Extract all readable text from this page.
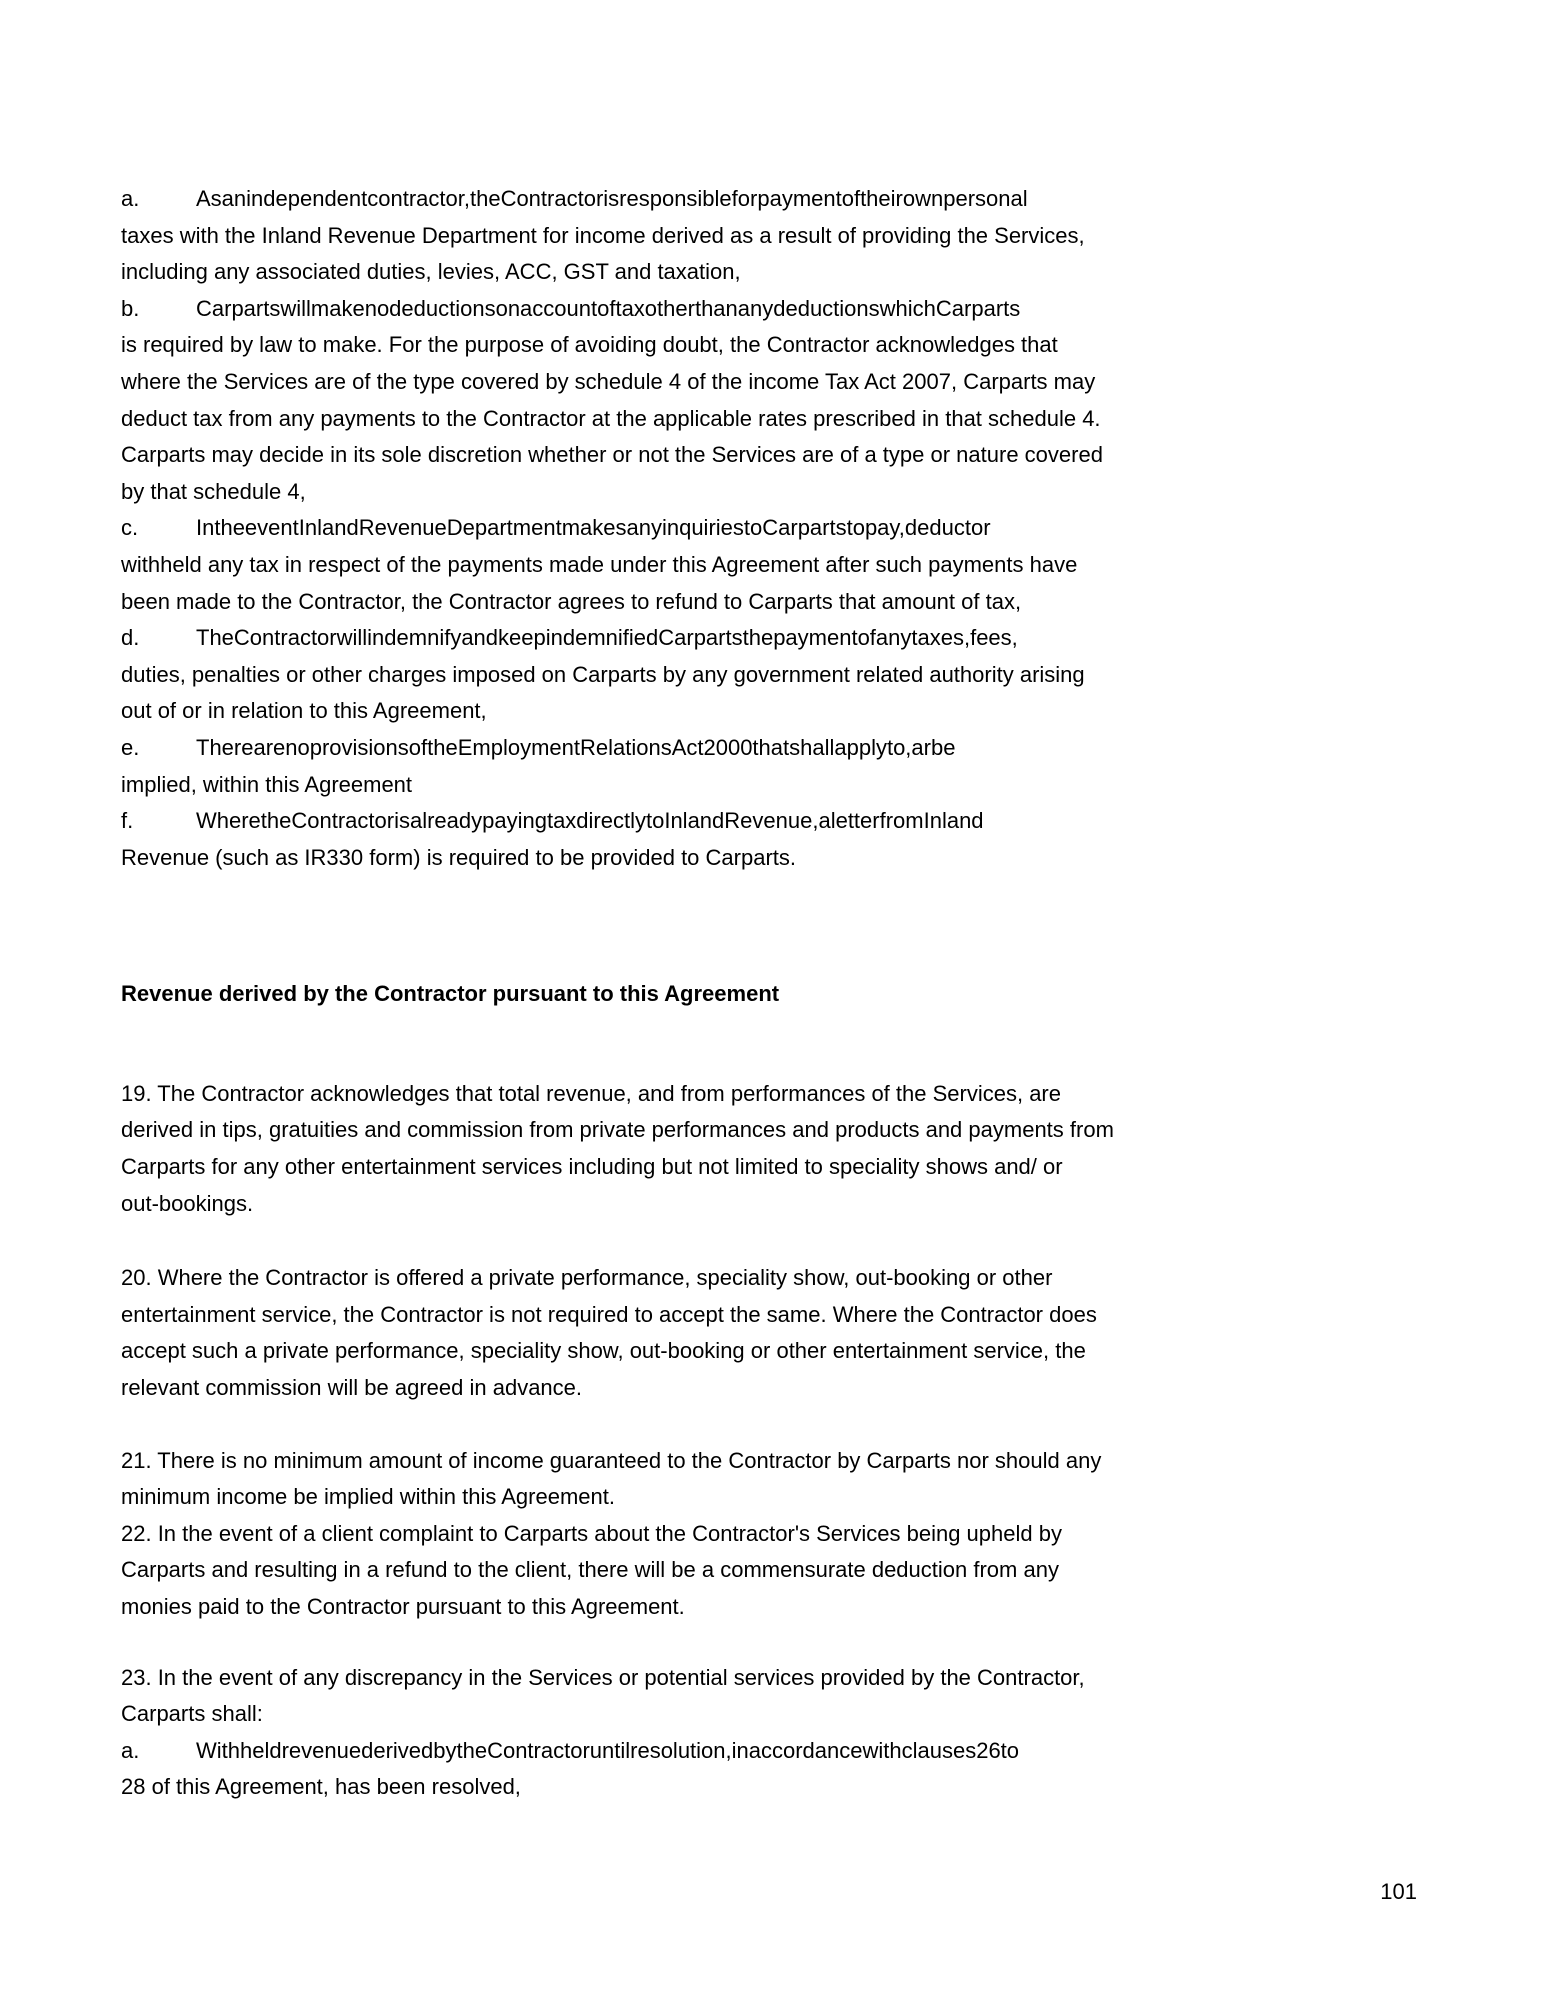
a.	Asanindependentcontractor,theContractorisresponsibleforpaymentoftheirownpersonal
taxes with the Inland Revenue Department for income derived as a result of providing the Services,
including any associated duties, levies, ACC, GST and taxation,
b.	CarpartswillmakenodeductionsonaccountoftaxotherthananydeductionswhichCarparts
is required by law to make. For the purpose of avoiding doubt, the Contractor acknowledges that
where the Services are of the type covered by schedule 4 of the income Tax Act 2007, Carparts may
deduct tax from any payments to the Contractor at the applicable rates prescribed in that schedule 4.
Carparts may decide in its sole discretion whether or not the Services are of a type or nature covered
by that schedule 4,
c.	IntheeventInlandRevenueDepartmentmakesanyinquiriestoCarpartstopay,deductor
withheld any tax in respect of the payments made under this Agreement after such payments have
been made to the Contractor, the Contractor agrees to refund to Carparts that amount of tax,
d.	TheContractorwillindemnifyandkeepindemnifiedCarpartsthepaymentofanytaxes,fees,
duties, penalties or other charges imposed on Carparts by any government related authority arising
out of or in relation to this Agreement,
e.	TherearenoprovisionsoftheEmploymentRelationsAct2000thatshallapplyto,arbe
implied, within this Agreement
f.	WheretheContractorisalreadypayingtaxdirectlytoInlandRevenue,aletterfromInland
Revenue (such as IR330 form) is required to be provided to Carparts.
Revenue derived by the Contractor pursuant to this Agreement
19. The Contractor acknowledges that total revenue, and from performances of the Services, are
derived in tips, gratuities and commission from private performances and products and payments from
Carparts for any other entertainment services including but not limited to speciality shows and/ or
out-bookings.
20. Where the Contractor is offered a private performance, speciality show, out-booking or other
entertainment service, the Contractor is not required to accept the same. Where the Contractor does
accept such a private performance, speciality show, out-booking or other entertainment service, the
relevant commission will be agreed in advance.
21. There is no minimum amount of income guaranteed to the Contractor by Carparts nor should any
minimum income be implied within this Agreement.
22. In the event of a client complaint to Carparts about the Contractor's Services being upheld by
Carparts and resulting in a refund to the client, there will be a commensurate deduction from any
monies paid to the Contractor pursuant to this Agreement.
23. In the event of any discrepancy in the Services or potential services provided by the Contractor,
Carparts shall:
a.	WithheldrevenuederivedbytheContractoruntilresolution,inaccordancewithclauses26to
28 of this Agreement, has been resolved,
101
